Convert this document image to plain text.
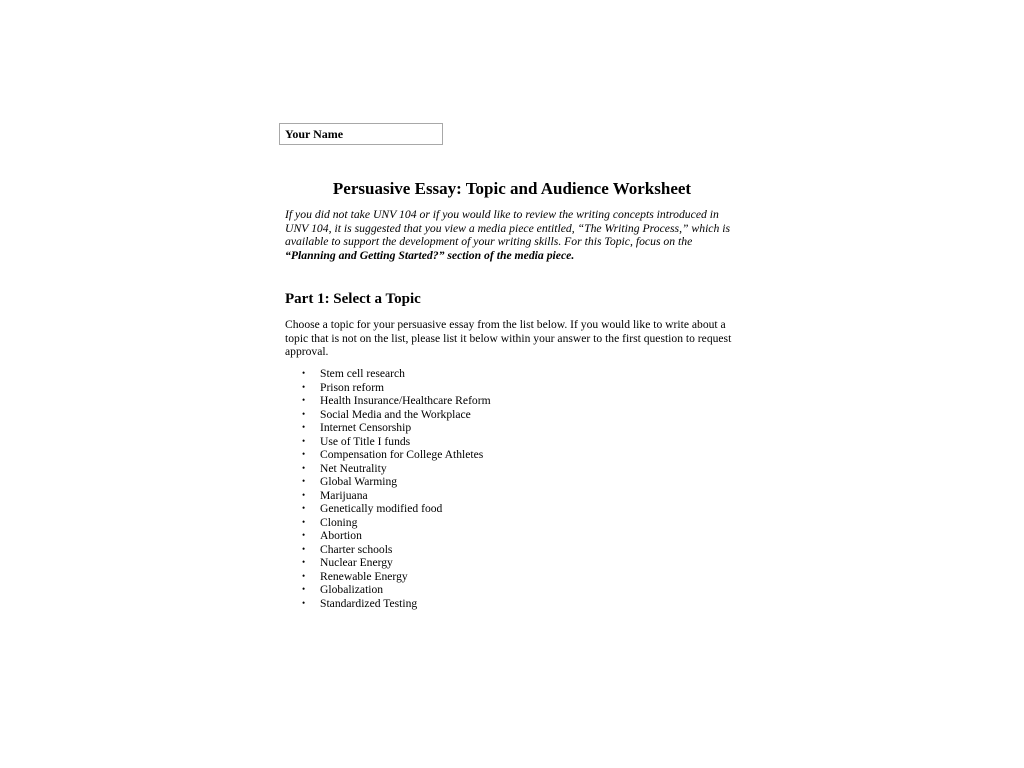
Your Name
Persuasive Essay: Topic and Audience Worksheet

If you did not take UNV 104 or if you would like to review the writing concepts introduced in UNV 104, it is suggested that you view a media piece entitled, “The Writing Process,” which is available to support the development of your writing skills. For this Topic, focus on the “Planning and Getting Started?” section of the media piece.

Part 1: Select a Topic

Choose a topic for your persuasive essay from the list below. If you would like to write about a topic that is not on the list, please list it below within your answer to the first question to request approval.

• Stem cell research
• Prison reform
• Health Insurance/Healthcare Reform
• Social Media and the Workplace
• Internet Censorship
• Use of Title I funds
• Compensation for College Athletes
• Net Neutrality
• Global Warming
• Marijuana
• Genetically modified food
• Cloning
• Abortion
• Charter schools
• Nuclear Energy
• Renewable Energy
• Globalization
• Standardized Testing
